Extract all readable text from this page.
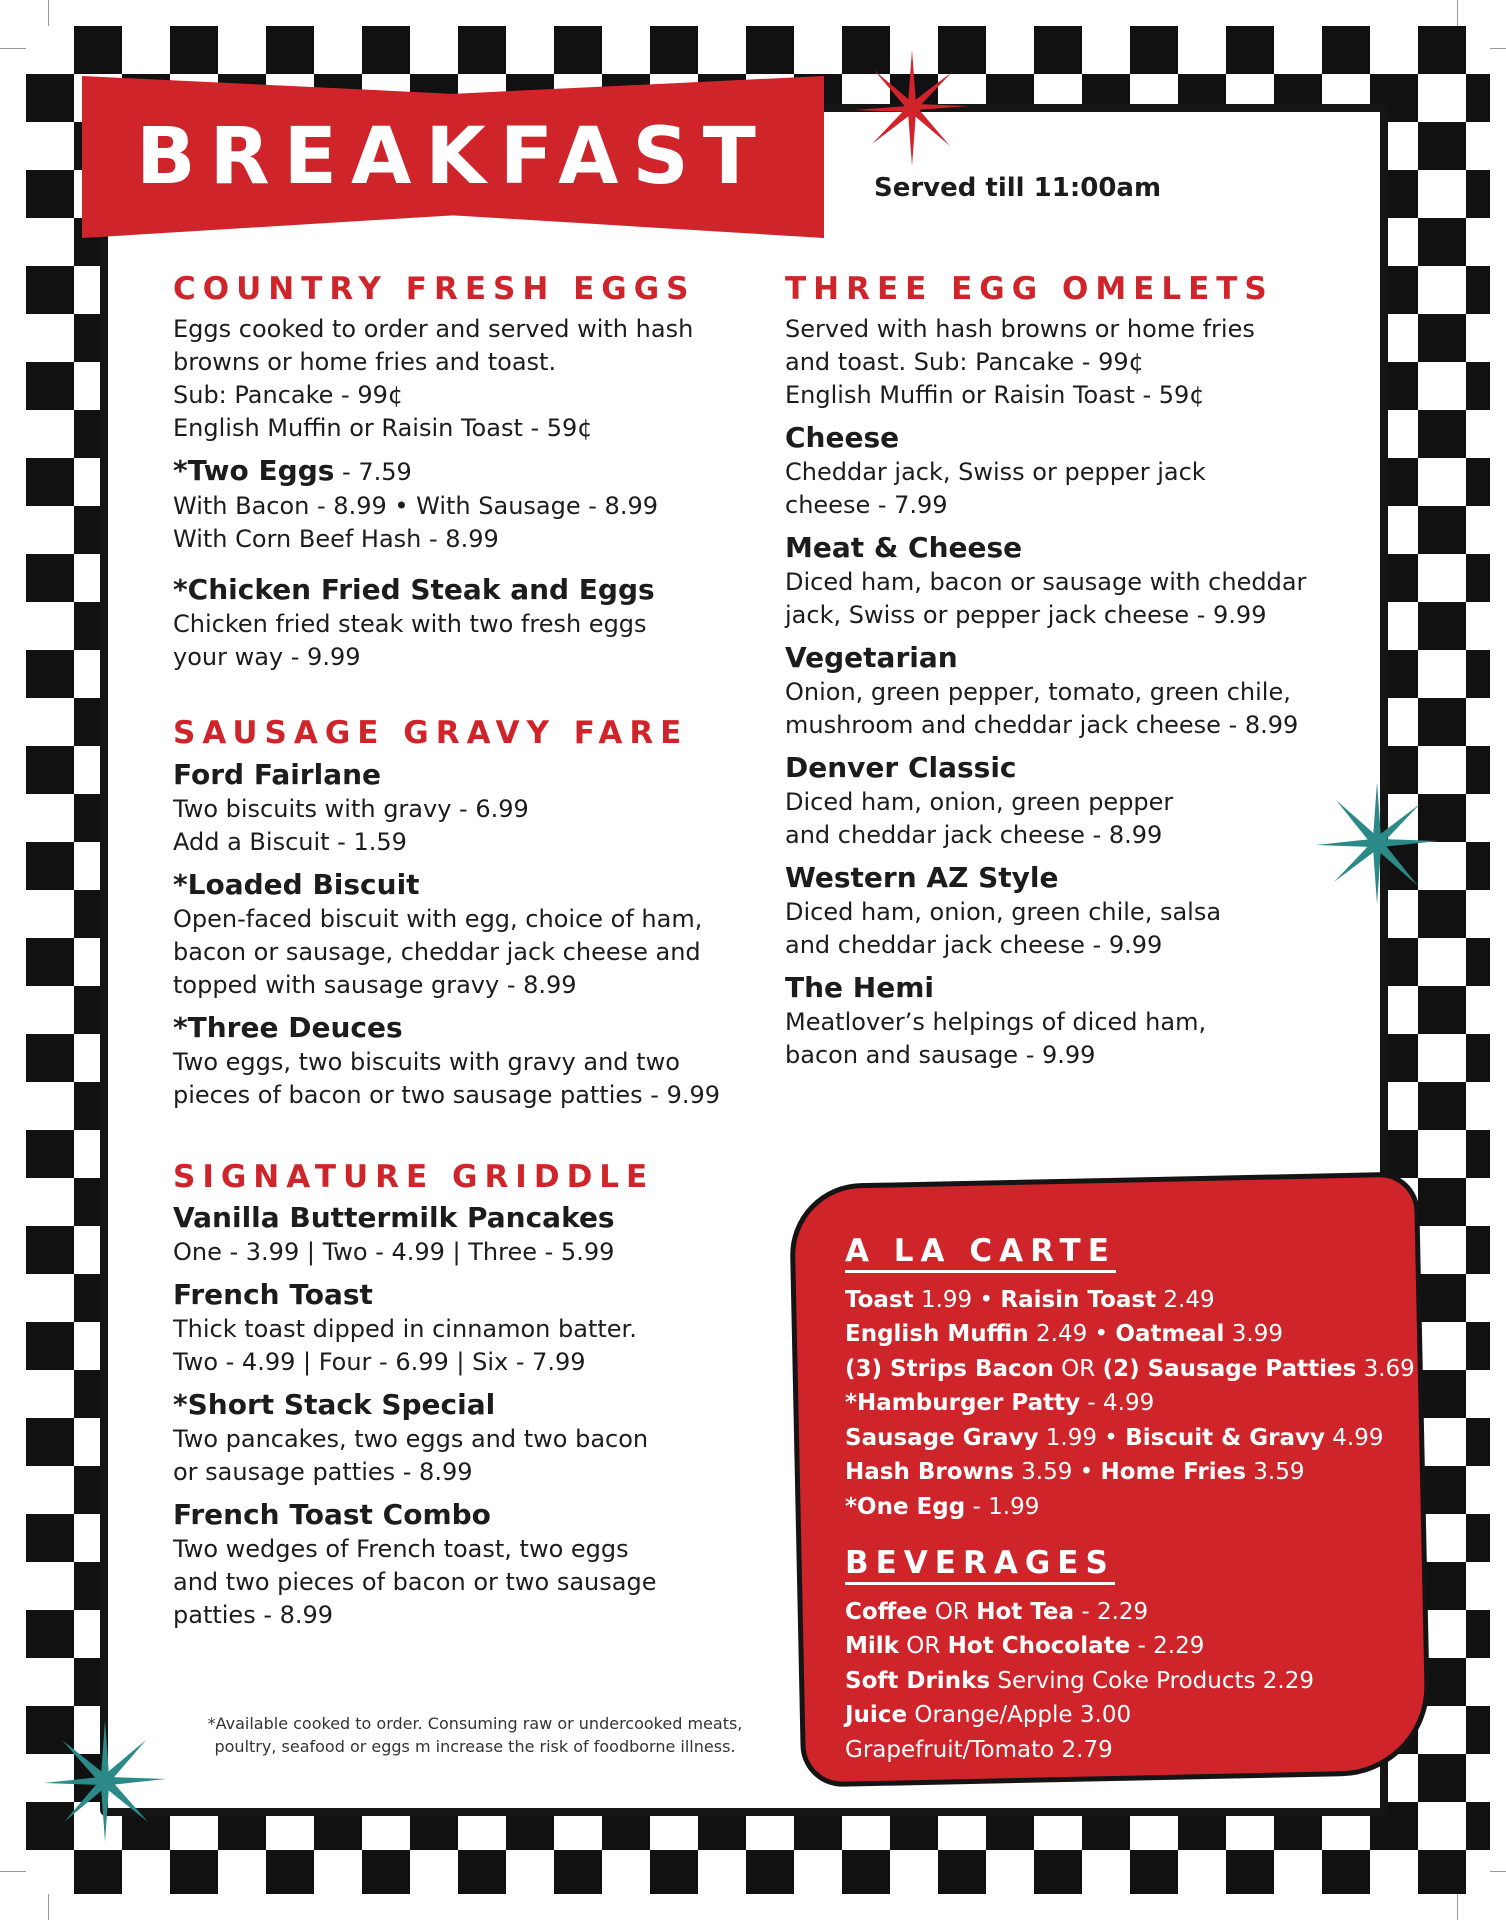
BREAKFAST	Served till 11:00am
COUNTRY FRESH EGGS
Eggs cooked to order and served with hash
browns or home fries and toast.
Sub: Pancake - 99¢
English Muffin or Raisin Toast - 59¢
*Two Eggs - 7.59
With Bacon - 8.99 • With Sausage - 8.99
With Corn Beef Hash - 8.99
*Chicken Fried Steak and Eggs
Chicken fried steak with two fresh eggs
your way - 9.99
SAUSAGE GRAVY FARE
Ford Fairlane
Two biscuits with gravy - 6.99
Add a Biscuit - 1.59
*Loaded Biscuit
Open-faced biscuit with egg, choice of ham,
bacon or sausage, cheddar jack cheese and
topped with sausage gravy - 8.99
*Three Deuces
Two eggs, two biscuits with gravy and two
pieces of bacon or two sausage patties - 9.99
SIGNATURE GRIDDLE
Vanilla Buttermilk Pancakes
One - 3.99 | Two - 4.99 | Three - 5.99
French Toast
Thick toast dipped in cinnamon batter.
Two - 4.99 | Four - 6.99 | Six - 7.99
*Short Stack Special
Two pancakes, two eggs and two bacon
or sausage patties - 8.99
French Toast Combo
Two wedges of French toast, two eggs
and two pieces of bacon or two sausage
patties - 8.99
*Available cooked to order. Consuming raw or undercooked meats,
poultry, seafood or eggs m increase the risk of foodborne illness.
THREE EGG OMELETS
Served with hash browns or home fries
and toast. Sub: Pancake - 99¢
English Muffin or Raisin Toast - 59¢
Cheese
Cheddar jack, Swiss or pepper jack
cheese - 7.99
Meat & Cheese
Diced ham, bacon or sausage with cheddar
jack, Swiss or pepper jack cheese - 9.99
Vegetarian
Onion, green pepper, tomato, green chile,
mushroom and cheddar jack cheese - 8.99
Denver Classic
Diced ham, onion, green pepper
and cheddar jack cheese - 8.99
Western AZ Style
Diced ham, onion, green chile, salsa
and cheddar jack cheese - 9.99
The Hemi
Meatlover’s helpings of diced ham,
bacon and sausage - 9.99
A LA CARTE
Toast 1.99 • Raisin Toast 2.49
English Muffin 2.49 • Oatmeal 3.99
(3) Strips Bacon OR (2) Sausage Patties 3.69
*Hamburger Patty - 4.99
Sausage Gravy 1.99 • Biscuit & Gravy 4.99
Hash Browns 3.59 • Home Fries 3.59
*One Egg - 1.99
BEVERAGES
Coffee OR Hot Tea - 2.29
Milk OR Hot Chocolate - 2.29
Soft Drinks Serving Coke Products 2.29
Juice Orange/Apple 3.00
Grapefruit/Tomato 2.79
